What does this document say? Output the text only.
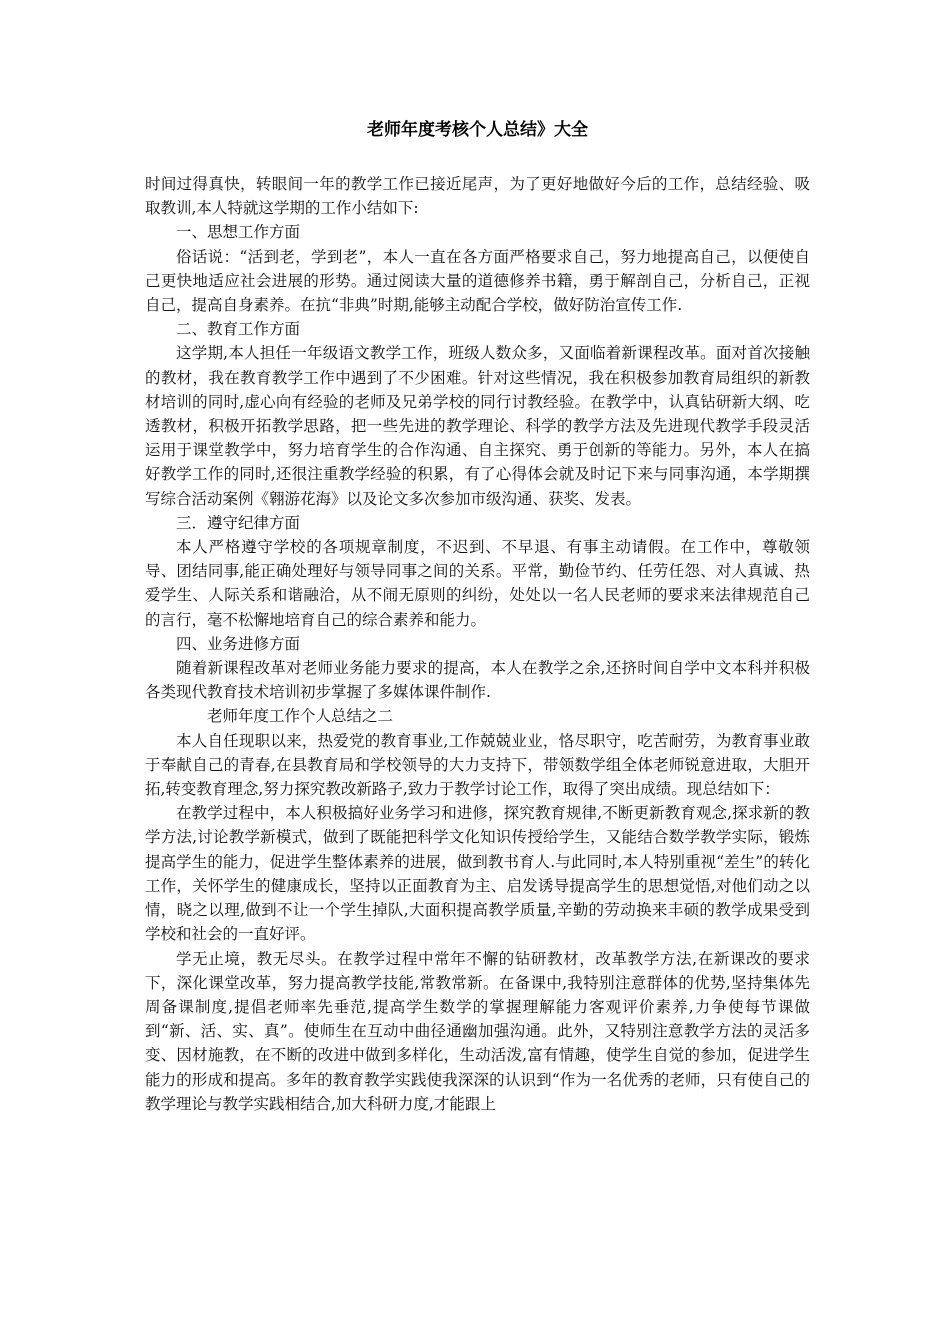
老师年度考核个人总结》大全

时间过得真快，转眼间一年的教学工作已接近尾声，为了更好地做好今后的工作，总结经验、吸取教训,本人特就这学期的工作小结如下:

一、思想工作方面

俗话说：“活到老，学到老”，本人一直在各方面严格要求自己，努力地提高自己，以便使自己更快地适应社会进展的形势。通过阅读大量的道德修养书籍，勇于解剖自己，分析自己，正视自己，提高自身素养。在抗“非典”时期,能够主动配合学校，做好防治宣传工作.

二、教育工作方面

这学期,本人担任一年级语文教学工作，班级人数众多，又面临着新课程改革。面对首次接触的教材，我在教育教学工作中遇到了不少困难。针对这些情况，我在积极参加教育局组织的新教材培训的同时,虚心向有经验的老师及兄弟学校的同行讨教经验。在教学中，认真钻研新大纲、吃透教材，积极开拓教学思路，把一些先进的教学理论、科学的教学方法及先进现代教学手段灵活运用于课堂教学中，努力培育学生的合作沟通、自主探究、勇于创新的等能力。另外，本人在搞好教学工作的同时,还很注重教学经验的积累，有了心得体会就及时记下来与同事沟通，本学期撰写综合活动案例《翱游花海》以及论文多次参加市级沟通、获奖、发表。

三．遵守纪律方面

本人严格遵守学校的各项规章制度，不迟到、不早退、有事主动请假。在工作中，尊敬领导、团结同事,能正确处理好与领导同事之间的关系。平常，勤俭节约、任劳任怨、对人真诚、热爱学生、人际关系和谐融洽，从不闹无原则的纠纷，处处以一名人民老师的要求来法律规范自己的言行，毫不松懈地培育自己的综合素养和能力。

四、业务进修方面

随着新课程改革对老师业务能力要求的提高，本人在教学之余,还挤时间自学中文本科并积极各类现代教育技术培训初步掌握了多媒体课件制作.

老师年度工作个人总结之二

本人自任现职以来，热爱党的教育事业,工作兢兢业业，恪尽职守，吃苦耐劳，为教育事业敢于奉献自己的青春,在县教育局和学校领导的大力支持下，带领数学组全体老师锐意进取，大胆开拓,转变教育理念,努力探究教改新路子,致力于教学讨论工作，取得了突出成绩。现总结如下：

在教学过程中，本人积极搞好业务学习和进修，探究教育规律,不断更新教育观念,探求新的教学方法,讨论教学新模式，做到了既能把科学文化知识传授给学生，又能结合数学教学实际，锻炼提高学生的能力，促进学生整体素养的进展，做到教书育人.与此同时,本人特别重视“差生”的转化工作，关怀学生的健康成长，坚持以正面教育为主、启发诱导提高学生的思想觉悟,对他们动之以情，晓之以理,做到不让一个学生掉队,大面积提高教学质量,辛勤的劳动换来丰硕的教学成果受到学校和社会的一直好评。

学无止境，教无尽头。在教学过程中常年不懈的钻研教材，改革教学方法,在新课改的要求下，深化课堂改革，努力提高教学技能,常教常新。在备课中,我特别注意群体的优势,坚持集体先周备课制度,提倡老师率先垂范,提高学生数学的掌握理解能力客观评价素养,力争使每节课做到“新、活、实、真”。使师生在互动中曲径通幽加强沟通。此外，又特别注意教学方法的灵活多变、因材施教，在不断的改进中做到多样化，生动活泼,富有情趣，使学生自觉的参加，促进学生能力的形成和提高。多年的教育教学实践使我深深的认识到“作为一名优秀的老师，只有使自己的教学理论与教学实践相结合,加大科研力度,才能跟上
